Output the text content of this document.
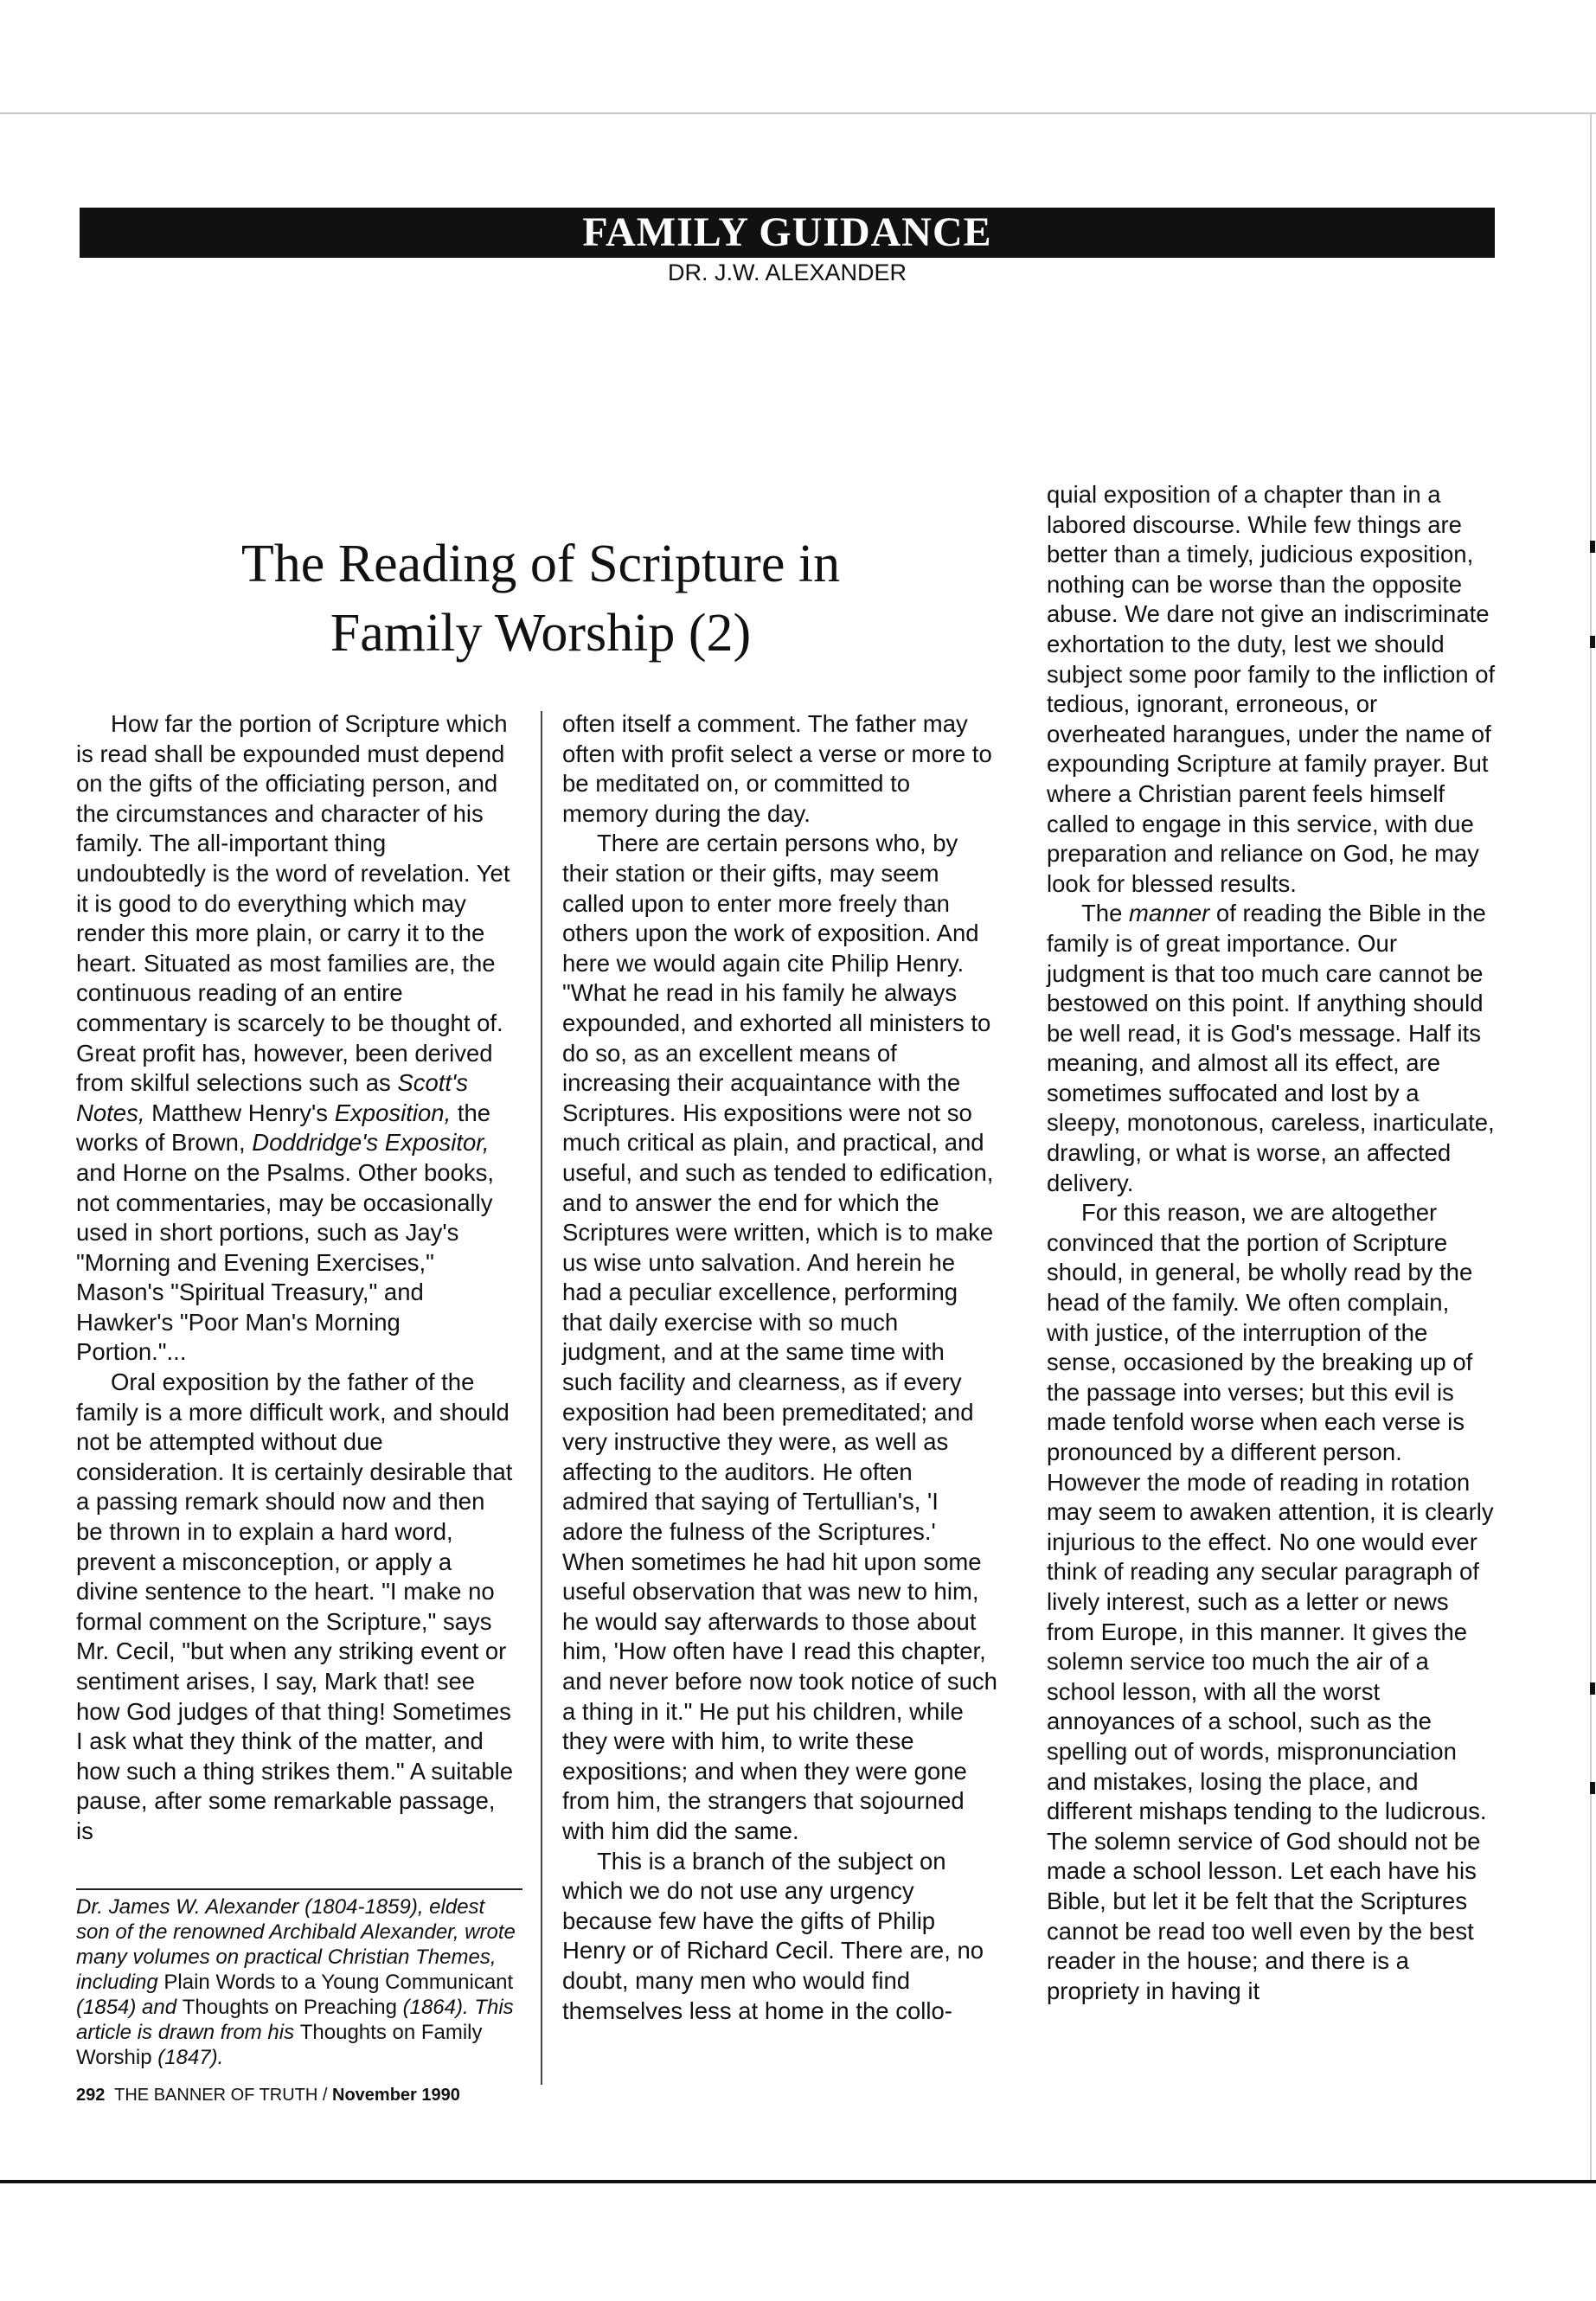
FAMILY GUIDANCE
DR. J.W. ALEXANDER
The Reading of Scripture in
Family Worship (2)

How far the portion of Scripture which is read shall be expounded must depend on the gifts of the officiating person, and the circumstances and character of his family. The all-important thing undoubtedly is the word of revelation. Yet it is good to do everything which may render this more plain, or carry it to the heart. Situated as most families are, the continuous reading of an entire commentary is scarcely to be thought of. Great profit has, however, been derived from skilful selections such as Scott's Notes, Matthew Henry's Exposition, the works of Brown, Doddridge's Expositor, and Horne on the Psalms. Other books, not commentaries, may be occasionally used in short portions, such as Jay's "Morning and Evening Exercises," Mason's "Spiritual Treasury," and Hawker's "Poor Man's Morning Portion."...

Oral exposition by the father of the family is a more difficult work, and should not be attempted without due consideration. It is certainly desirable that a passing remark should now and then be thrown in to explain a hard word, prevent a misconception, or apply a divine sentence to the heart. "I make no formal comment on the Scripture," says Mr. Cecil, "but when any striking event or sentiment arises, I say, Mark that! see how God judges of that thing! Sometimes I ask what they think of the matter, and how such a thing strikes them." A suitable pause, after some remarkable passage, is

Dr. James W. Alexander (1804-1859), eldest son of the renowned Archibald Alexander, wrote many volumes on practical Christian Themes, including Plain Words to a Young Communicant (1854) and Thoughts on Preaching (1864). This article is drawn from his Thoughts on Family Worship (1847).
292 THE BANNER OF TRUTH / November 1990

often itself a comment. The father may often with profit select a verse or more to be meditated on, or committed to memory during the day.

There are certain persons who, by their station or their gifts, may seem called upon to enter more freely than others upon the work of exposition. And here we would again cite Philip Henry. "What he read in his family he always expounded, and exhorted all ministers to do so, as an excellent means of increasing their acquaintance with the Scriptures. His expositions were not so much critical as plain, and practical, and useful, and such as tended to edification, and to answer the end for which the Scriptures were written, which is to make us wise unto salvation. And herein he had a peculiar excellence, performing that daily exercise with so much judgment, and at the same time with such facility and clearness, as if every exposition had been premeditated; and very instructive they were, as well as affecting to the auditors. He often admired that saying of Tertullian's, 'I adore the fulness of the Scriptures.' When sometimes he had hit upon some useful observation that was new to him, he would say afterwards to those about him, 'How often have I read this chapter, and never before now took notice of such a thing in it." He put his children, while they were with him, to write these expositions; and when they were gone from him, the strangers that sojourned with him did the same.

This is a branch of the subject on which we do not use any urgency because few have the gifts of Philip Henry or of Richard Cecil. There are, no doubt, many men who would find themselves less at home in the collo-

quial exposition of a chapter than in a labored discourse. While few things are better than a timely, judicious exposition, nothing can be worse than the opposite abuse. We dare not give an indiscriminate exhortation to the duty, lest we should subject some poor family to the infliction of tedious, ignorant, erroneous, or overheated harangues, under the name of expounding Scripture at family prayer. But where a Christian parent feels himself called to engage in this service, with due preparation and reliance on God, he may look for blessed results.

The manner of reading the Bible in the family is of great importance. Our judgment is that too much care cannot be bestowed on this point. If anything should be well read, it is God's message. Half its meaning, and almost all its effect, are sometimes suffocated and lost by a sleepy, monotonous, careless, inarticulate, drawling, or what is worse, an affected delivery.

For this reason, we are altogether convinced that the portion of Scripture should, in general, be wholly read by the head of the family. We often complain, with justice, of the interruption of the sense, occasioned by the breaking up of the passage into verses; but this evil is made tenfold worse when each verse is pronounced by a different person. However the mode of reading in rotation may seem to awaken attention, it is clearly injurious to the effect. No one would ever think of reading any secular paragraph of lively interest, such as a letter or news from Europe, in this manner. It gives the solemn service too much the air of a school lesson, with all the worst annoyances of a school, such as the spelling out of words, mispronunciation and mistakes, losing the place, and different mishaps tending to the ludicrous. The solemn service of God should not be made a school lesson. Let each have his Bible, but let it be felt that the Scriptures cannot be read too well even by the best reader in the house; and there is a propriety in having it
